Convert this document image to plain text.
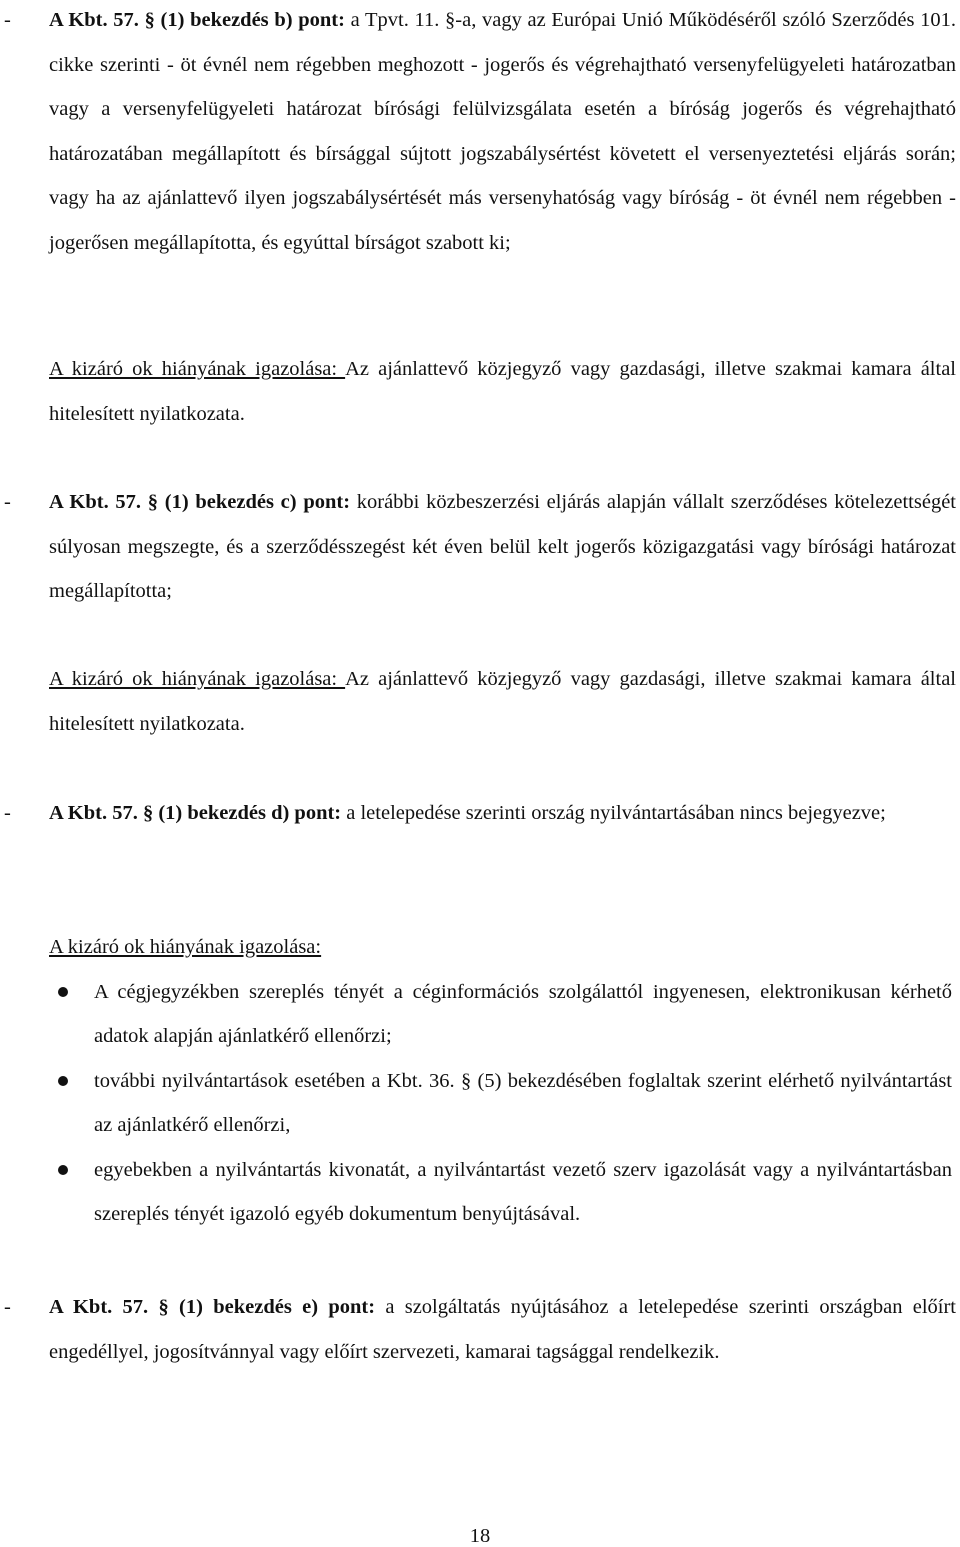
- A Kbt. 57. § (1) bekezdés b) pont: a Tpvt. 11. §-a, vagy az Európai Unió Működéséről szóló Szerződés 101. cikke szerinti - öt évnél nem régebben meghozott - jogerős és végrehajtható versenyfelügyeleti határozatban vagy a versenyfelügyeleti határozat bírósági felülvizsgálata esetén a bíróság jogerős és végrehajtható határozatában megállapított és bírsággal sújtott jogszabálysértést követett el versenyeztetési eljárás során; vagy ha az ajánlattevő ilyen jogszabálysértését más versenyhatóság vagy bíróság - öt évnél nem régebben - jogerősen megállapította, és egyúttal bírságot szabott ki;
A kizáró ok hiányának igazolása: Az ajánlattevő közjegyző vagy gazdasági, illetve szakmai kamara által hitelesített nyilatkozata.
- A Kbt. 57. § (1) bekezdés c) pont: korábbi közbeszerzési eljárás alapján vállalt szerződéses kötelezettségét súlyosan megszegte, és a szerződésszegést két éven belül kelt jogerős közigazgatási vagy bírósági határozat megállapította;
A kizáró ok hiányának igazolása: Az ajánlattevő közjegyző vagy gazdasági, illetve szakmai kamara által hitelesített nyilatkozata.
- A Kbt. 57. § (1) bekezdés d) pont: a letelepedése szerinti ország nyilvántartásában nincs bejegyezve;
A kizáró ok hiányának igazolása:
A cégjegyzékben szereplés tényét a céginformációs szolgálattól ingyenesen, elektronikusan kérhető adatok alapján ajánlatkérő ellenőrzi;
további nyilvántartások esetében a Kbt. 36. § (5) bekezdésében foglaltak szerint elérhető nyilvántartást az ajánlatkérő ellenőrzi,
egyebekben a nyilvántartás kivonatát, a nyilvántartást vezető szerv igazolását vagy a nyilvántartásban szereplés tényét igazoló egyéb dokumentum benyújtásával.
- A Kbt. 57. § (1) bekezdés e) pont: a szolgáltatás nyújtásához a letelepedése szerinti országban előírt engedéllyel, jogosítvánnyal vagy előírt szervezeti, kamarai tagsággal rendelkezik.
18
